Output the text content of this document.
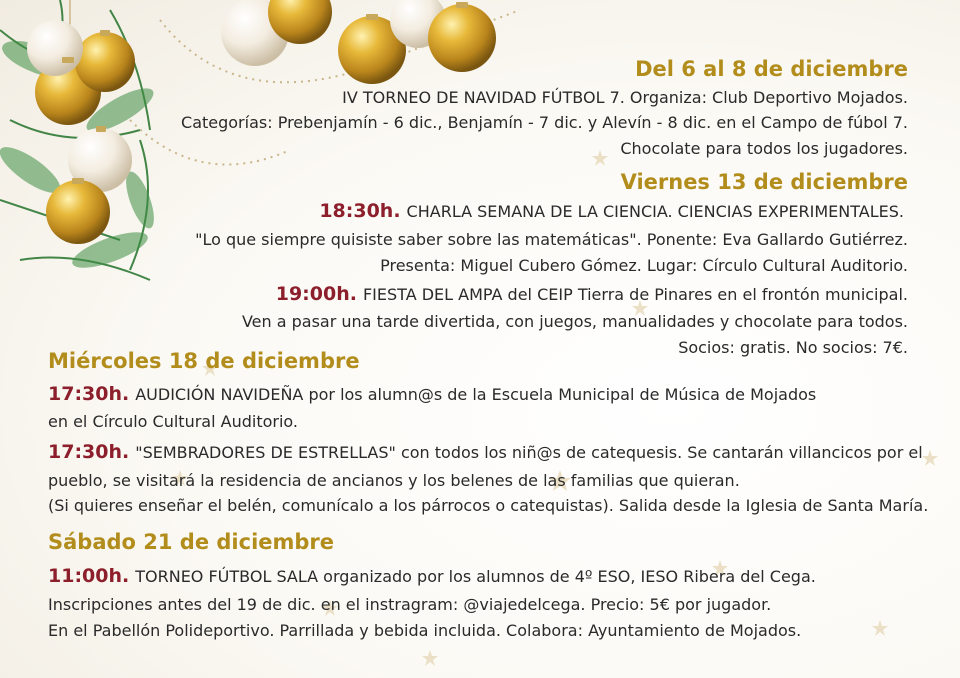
Del 6 al 8 de diciembre
IV TORNEO DE NAVIDAD FÚTBOL 7. Organiza: Club Deportivo Mojados.
Categorías: Prebenjamín - 6 dic., Benjamín - 7 dic. y Alevín - 8 dic. en el Campo de fúbol 7.
Chocolate para todos los jugadores.
Viernes 13 de diciembre
18:30h. CHARLA SEMANA DE LA CIENCIA. CIENCIAS EXPERIMENTALES.
"Lo que siempre quisiste saber sobre las matemáticas". Ponente: Eva Gallardo Gutiérrez.
Presenta: Miguel Cubero Gómez. Lugar: Círculo Cultural Auditorio.
19:00h. FIESTA DEL AMPA del CEIP Tierra de Pinares en el frontón municipal.
Ven a pasar una tarde divertida, con juegos, manualidades y chocolate para todos.
Socios: gratis. No socios: 7€.
Miércoles 18 de diciembre
17:30h. AUDICIÓN NAVIDEÑA por los alumn@s de la Escuela Municipal de Música de Mojados
en el Círculo Cultural Auditorio.
17:30h. "SEMBRADORES DE ESTRELLAS" con todos los niñ@s de catequesis. Se cantarán villancicos por el
pueblo, se visitará la residencia de ancianos y los belenes de las familias que quieran.
(Si quieres enseñar el belén, comunícalo a los párrocos o catequistas). Salida desde la Iglesia de Santa María.
Sábado 21 de diciembre
11:00h. TORNEO FÚTBOL SALA organizado por los alumnos de 4º ESO, IESO Ribera del Cega.
Inscripciones antes del 19 de dic. en el instragram: @viajedelcega. Precio: 5€ por jugador.
En el Pabellón Polideportivo. Parrillada y bebida incluida. Colabora: Ayuntamiento de Mojados.
